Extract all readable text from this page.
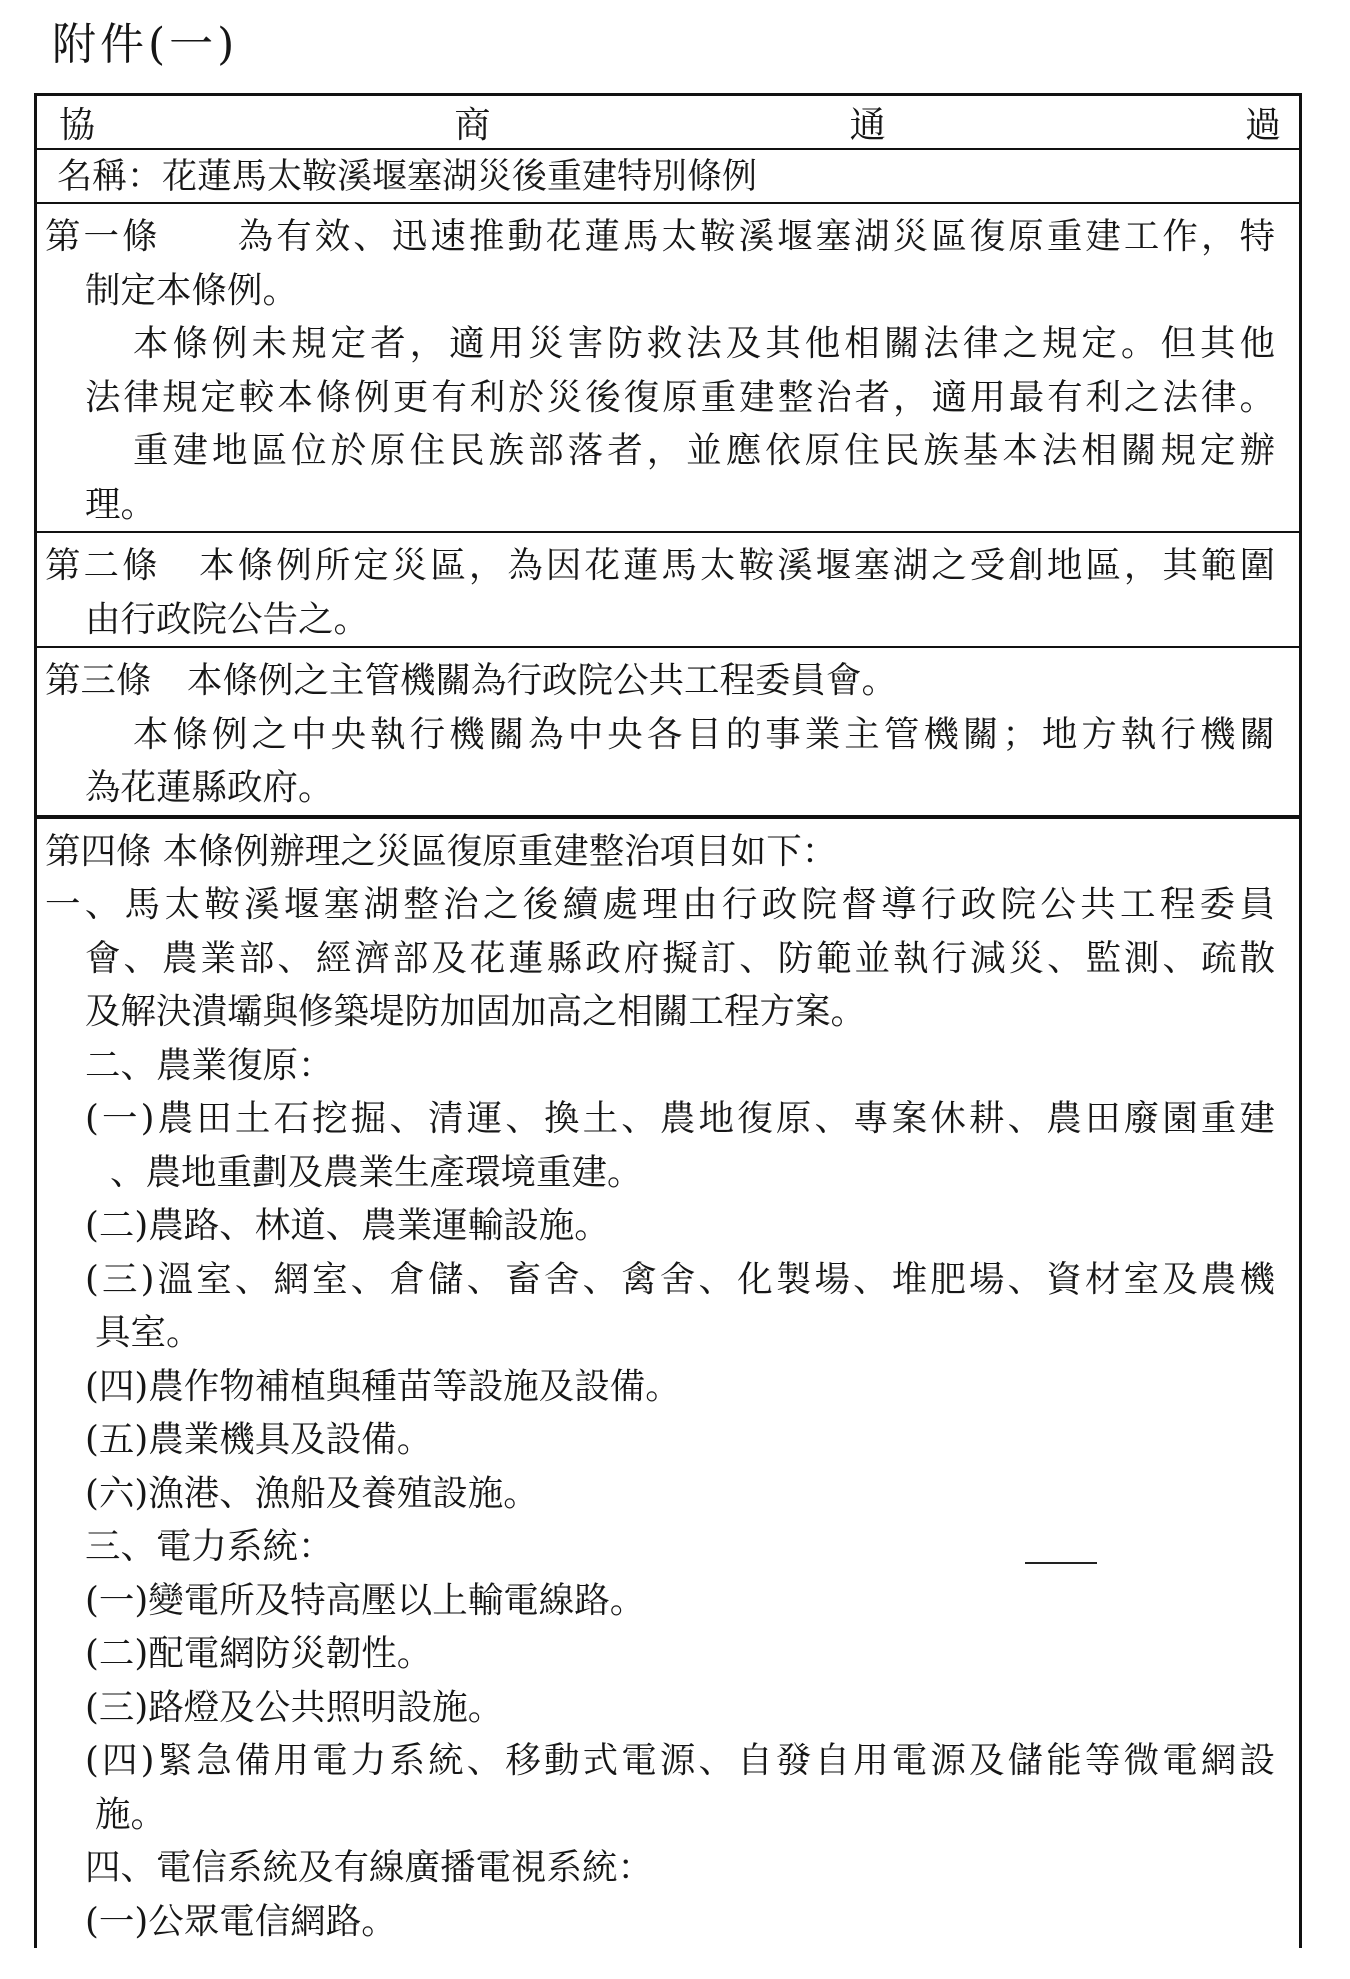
附件(一)
協	商	通	過
名稱：花蓮馬太鞍溪堰塞湖災後重建特別條例
第一條　　為有效、迅速推動花蓮馬太鞍溪堰塞湖災區復原重建工作，特
制定本條例。
本條例未規定者，適用災害防救法及其他相關法律之規定。但其他
法律規定較本條例更有利於災後復原重建整治者，適用最有利之法律。
重建地區位於原住民族部落者，並應依原住民族基本法相關規定辦
理。
第二條　本條例所定災區，為因花蓮馬太鞍溪堰塞湖之受創地區，其範圍
由行政院公告之。
第三條　本條例之主管機關為行政院公共工程委員會。
本條例之中央執行機關為中央各目的事業主管機關；地方執行機關
為花蓮縣政府。
第四條 本條例辦理之災區復原重建整治項目如下：
一、馬太鞍溪堰塞湖整治之後續處理由行政院督導行政院公共工程委員
會、農業部、經濟部及花蓮縣政府擬訂、防範並執行減災、監測、疏散
及解決潰壩與修築堤防加固加高之相關工程方案。
二、農業復原：
(一)農田土石挖掘、清運、換土、農地復原、專案休耕、農田廢園重建
、農地重劃及農業生產環境重建。
(二)農路、林道、農業運輸設施。
(三)溫室、網室、倉儲、畜舍、禽舍、化製場、堆肥場、資材室及農機
具室。
(四)農作物補植與種苗等設施及設備。
(五)農業機具及設備。
(六)漁港、漁船及養殖設施。
三、電力系統：
(一)變電所及特高壓以上輸電線路。
(二)配電網防災韌性。
(三)路燈及公共照明設施。
(四)緊急備用電力系統、移動式電源、自發自用電源及儲能等微電網設
施。
四、電信系統及有線廣播電視系統：
(一)公眾電信網路。
